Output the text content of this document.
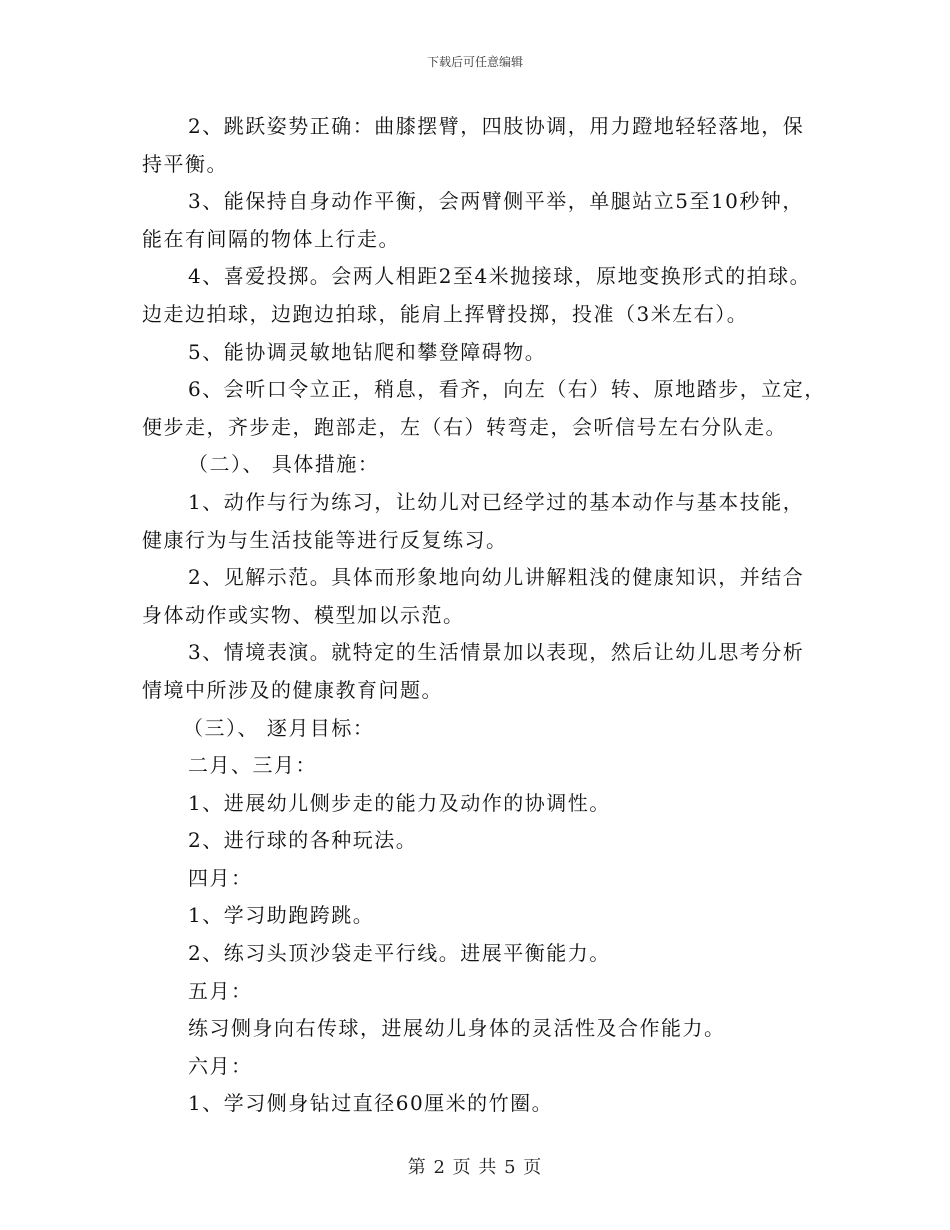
下载后可任意编辑

2、跳跃姿势正确：曲膝摆臂，四肢协调，用力蹬地轻轻落地，保

持平衡。

3、能保持自身动作平衡，会两臂侧平举，单腿站立5至10秒钟，

能在有间隔的物体上行走。

4、喜爱投掷。会两人相距2至4米抛接球，原地变换形式的拍球。

边走边拍球，边跑边拍球，能肩上挥臂投掷，投准（3米左右）。

5、能协调灵敏地钻爬和攀登障碍物。

6、会听口令立正，稍息，看齐，向左（右）转、原地踏步，立定，

便步走，齐步走，跑部走，左（右）转弯走，会听信号左右分队走。

（二）、 具体措施：

1、动作与行为练习，让幼儿对已经学过的基本动作与基本技能，

健康行为与生活技能等进行反复练习。

2、见解示范。具体而形象地向幼儿讲解粗浅的健康知识，并结合

身体动作或实物、模型加以示范。

3、情境表演。就特定的生活情景加以表现，然后让幼儿思考分析

情境中所涉及的健康教育问题。

（三）、 逐月目标：

二月、三月：

1、进展幼儿侧步走的能力及动作的协调性。

2、进行球的各种玩法。

四月：

1、学习助跑跨跳。

2、练习头顶沙袋走平行线。进展平衡能力。

五月：

练习侧身向右传球，进展幼儿身体的灵活性及合作能力。

六月：

1、学习侧身钻过直径60厘米的竹圈。

第 2 页 共 5 页
